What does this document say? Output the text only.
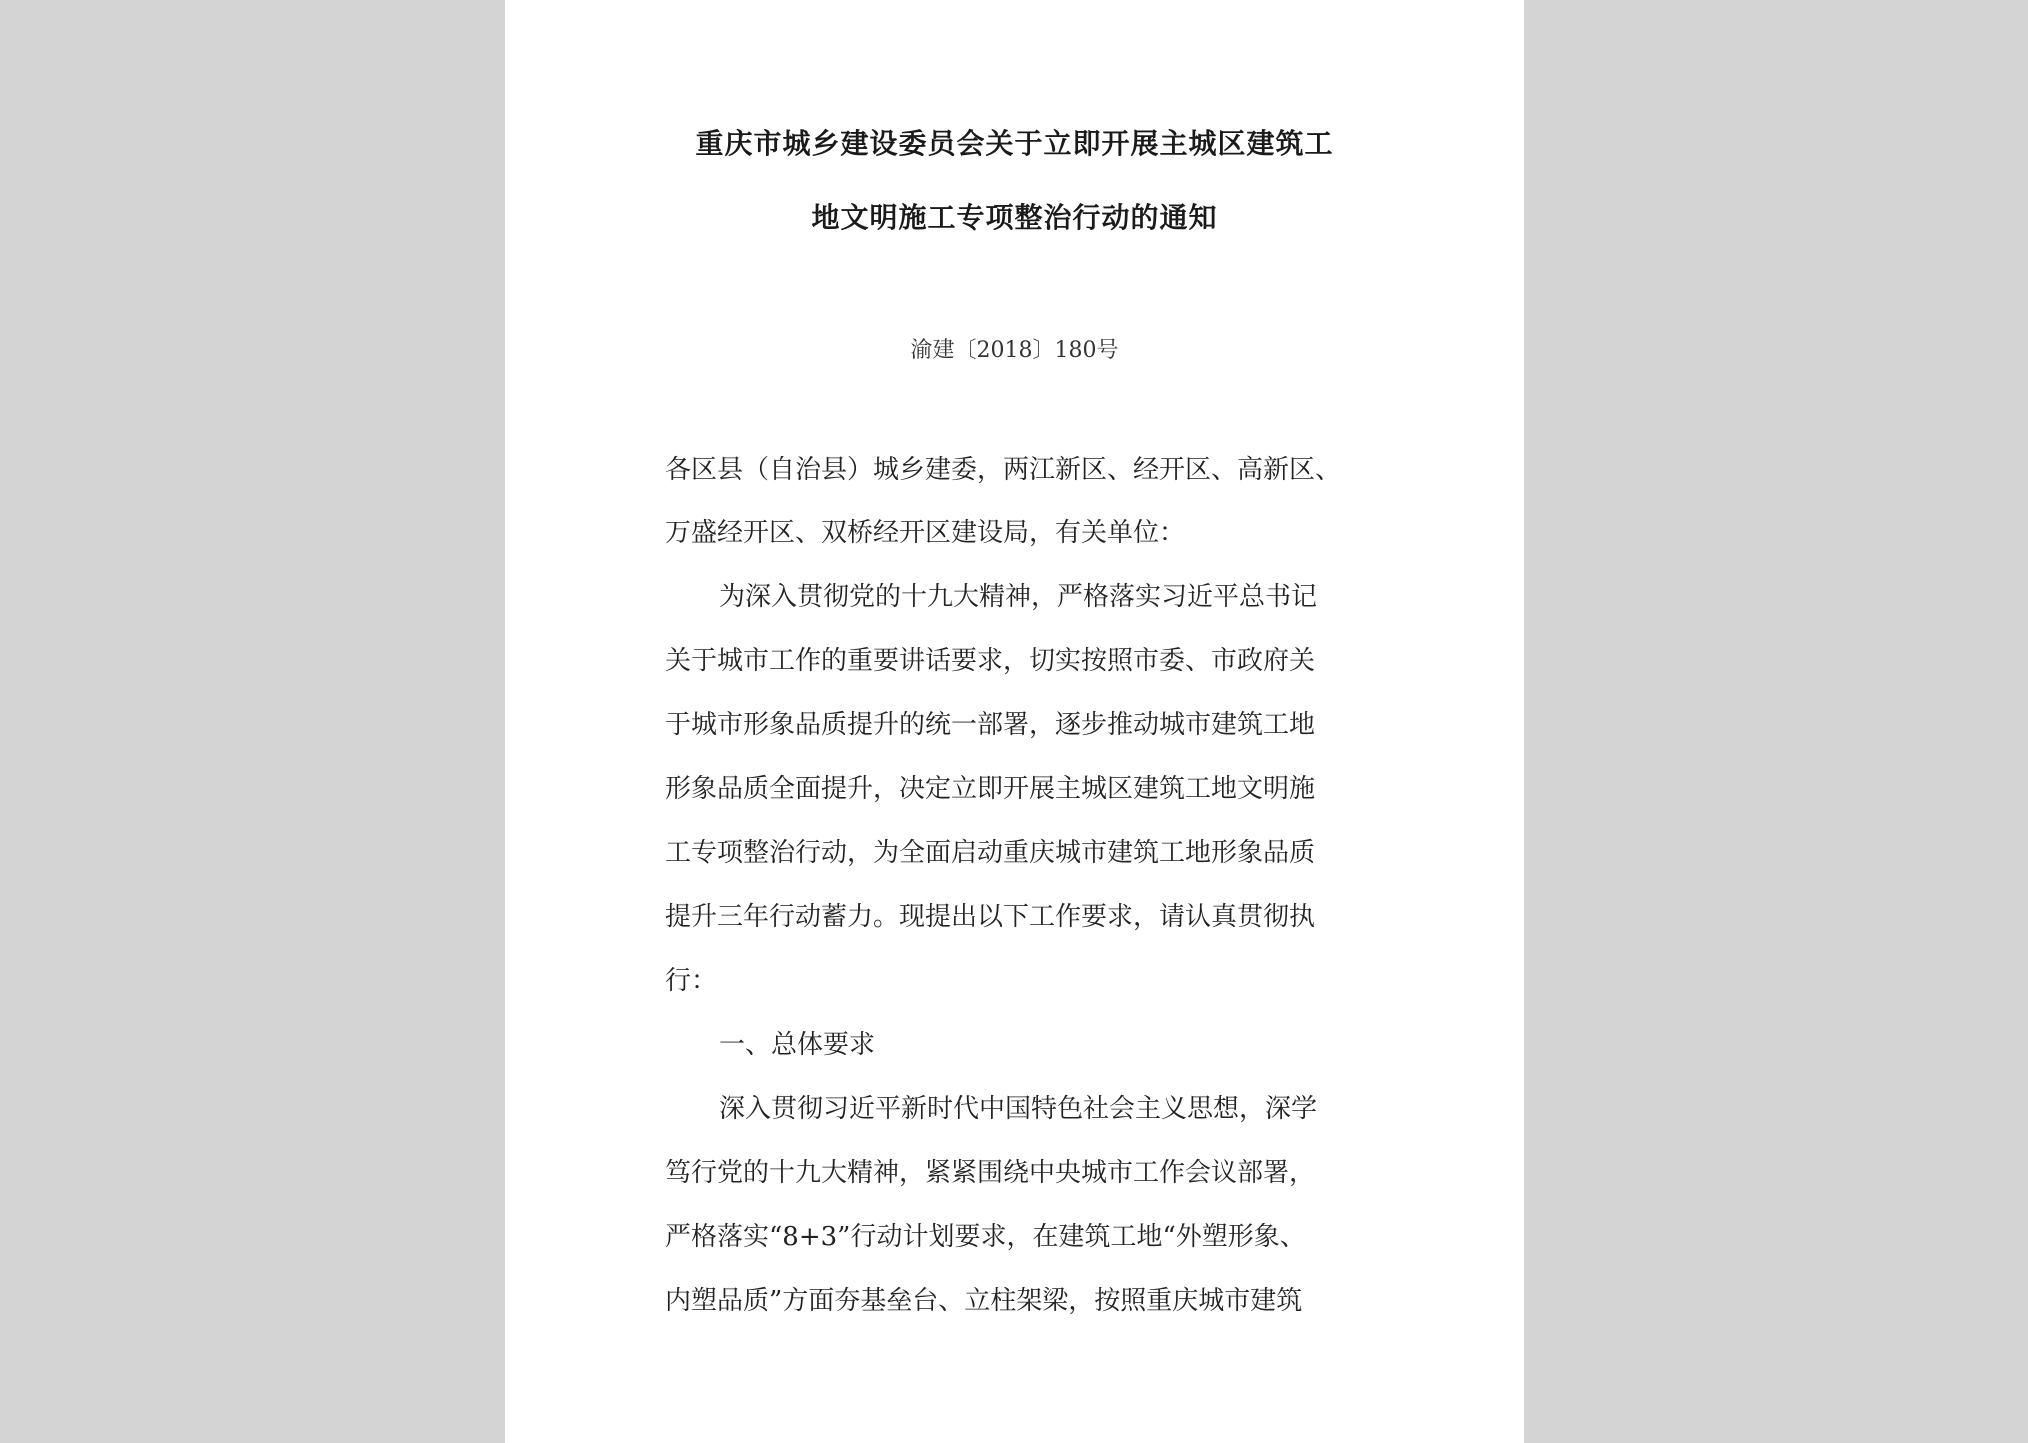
重庆市城乡建设委员会关于立即开展主城区建筑工
地文明施工专项整治行动的通知
渝建〔2018〕180号
各区县（自治县）城乡建委，两江新区、经开区、高新区、
万盛经开区、双桥经开区建设局，有关单位：
为深入贯彻党的十九大精神，严格落实习近平总书记
关于城市工作的重要讲话要求，切实按照市委、市政府关
于城市形象品质提升的统一部署，逐步推动城市建筑工地
形象品质全面提升，决定立即开展主城区建筑工地文明施
工专项整治行动，为全面启动重庆城市建筑工地形象品质
提升三年行动蓄力。现提出以下工作要求，请认真贯彻执
行：
一、总体要求
深入贯彻习近平新时代中国特色社会主义思想，深学
笃行党的十九大精神，紧紧围绕中央城市工作会议部署，
严格落实“8+3”行动计划要求，在建筑工地“外塑形象、
内塑品质”方面夯基垒台、立柱架梁，按照重庆城市建筑
